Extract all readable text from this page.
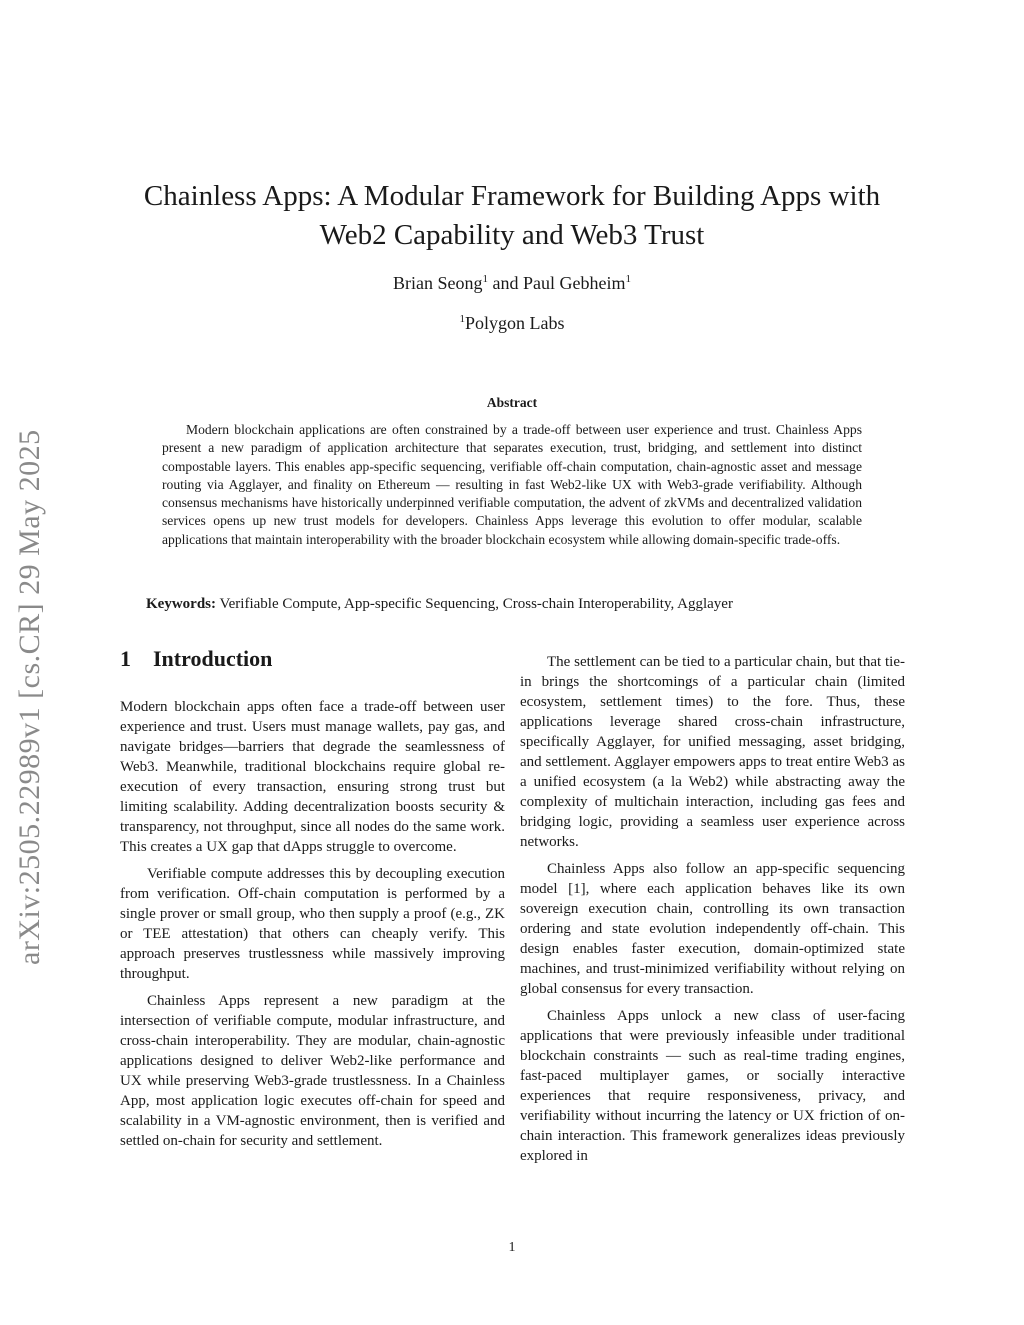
arXiv:2505.22989v1 [cs.CR] 29 May 2025
Chainless Apps: A Modular Framework for Building Apps with Web2 Capability and Web3 Trust
Brian Seong$^1$ and Paul Gebheim$^1$
$^1$Polygon Labs
Abstract
Modern blockchain applications are often constrained by a trade-off between user experience and trust. Chainless Apps present a new paradigm of application architecture that separates execution, trust, bridging, and settlement into distinct compostable layers. This enables app-specific sequencing, verifiable off-chain computation, chain-agnostic asset and message routing via Agglayer, and finality on Ethereum — resulting in fast Web2-like UX with Web3-grade verifiability. Although consensus mechanisms have historically underpinned verifiable computation, the advent of zkVMs and decentralized validation services opens up new trust models for developers. Chainless Apps leverage this evolution to offer modular, scalable applications that maintain interoperability with the broader blockchain ecosystem while allowing domain-specific trade-offs.
Keywords: Verifiable Compute, App-specific Sequencing, Cross-chain Interoperability, Agglayer
1 Introduction

Modern blockchain apps often face a trade-off between user experience and trust. Users must manage wallets, pay gas, and navigate bridges—barriers that degrade the seamlessness of Web3. Meanwhile, traditional blockchains require global re-execution of every transaction, ensuring strong trust but limiting scalability. Adding decentralization boosts security & transparency, not throughput, since all nodes do the same work. This creates a UX gap that dApps struggle to overcome.

Verifiable compute addresses this by decoupling execution from verification. Off-chain computation is performed by a single prover or small group, who then supply a proof (e.g., ZK or TEE attestation) that others can cheaply verify. This approach preserves trustlessness while massively improving throughput.

Chainless Apps represent a new paradigm at the intersection of verifiable compute, modular infrastructure, and cross-chain interoperability. They are modular, chain-agnostic applications designed to deliver Web2-like performance and UX while preserving Web3-grade trustlessness. In a Chainless App, most application logic executes off-chain for speed and scalability in a VM-agnostic environment, then is verified and settled on-chain for security and settlement.

The settlement can be tied to a particular chain, but that tie-in brings the shortcomings of a particular chain (limited ecosystem, settlement times) to the fore. Thus, these applications leverage shared cross-chain infrastructure, specifically Agglayer, for unified messaging, asset bridging, and settlement. Agglayer empowers apps to treat entire Web3 as a unified ecosystem (a la Web2) while abstracting away the complexity of multichain interaction, including gas fees and bridging logic, providing a seamless user experience across networks.

Chainless Apps also follow an app-specific sequencing model [1], where each application behaves like its own sovereign execution chain, controlling its own transaction ordering and state evolution independently off-chain. This design enables faster execution, domain-optimized state machines, and trust-minimized verifiability without relying on global consensus for every transaction.

Chainless Apps unlock a new class of user-facing applications that were previously infeasible under traditional blockchain constraints — such as real-time trading engines, fast-paced multiplayer games, or socially interactive experiences that require responsiveness, privacy, and verifiability without incurring the latency or UX friction of on-chain interaction. This framework generalizes ideas previously explored in

1
